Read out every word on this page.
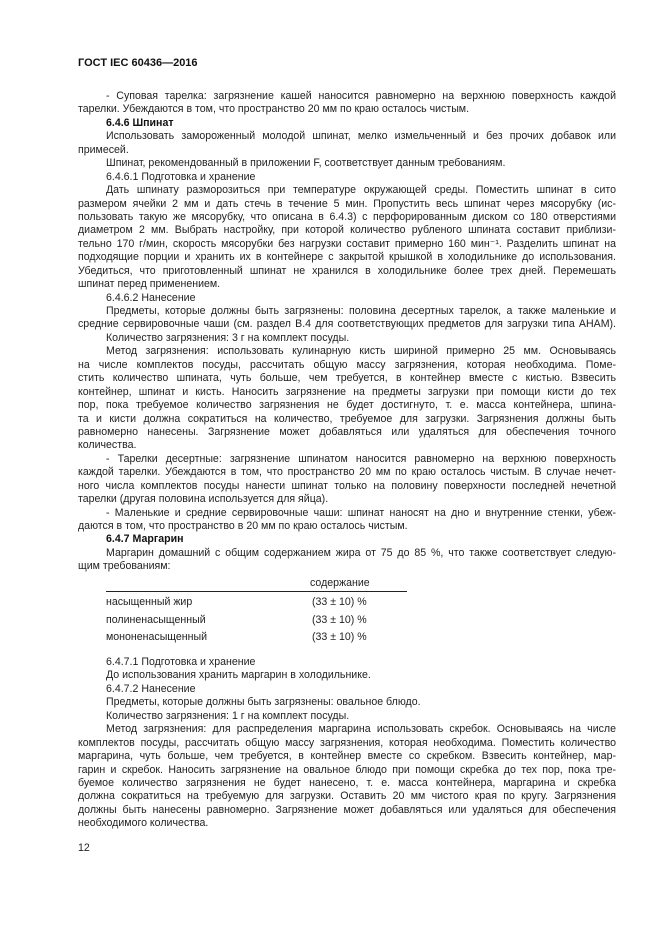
ГОСТ IEC 60436—2016
- Суповая тарелка: загрязнение кашей наносится равномерно на верхнюю поверхность каждой
тарелки. Убеждаются в том, что пространство 20 мм по краю осталось чистым.
6.4.6 Шпинат
Использовать замороженный молодой шпинат, мелко измельченный и без прочих добавок или
примесей.
Шпинат, рекомендованный в приложении F, соответствует данным требованиям.
6.4.6.1 Подготовка и хранение
Дать шпинату разморозиться при температуре окружающей среды. Поместить шпинат в сито
размером ячейки 2 мм и дать стечь в течение 5 мин. Пропустить весь шпинат через мясорубку (ис-
пользовать такую же мясорубку, что описана в 6.4.3) с перфорированным диском со 180 отверстиями
диаметром 2 мм. Выбрать настройку, при которой количество рубленого шпината составит приблизи-
тельно 170 г/мин, скорость мясорубки без нагрузки составит примерно 160 мин⁻¹. Разделить шпинат на
подходящие порции и хранить их в контейнере с закрытой крышкой в холодильнике до использования.
Убедиться, что приготовленный шпинат не хранился в холодильнике более трех дней. Перемешать
шпинат перед применением.
6.4.6.2 Нанесение
Предметы, которые должны быть загрязнены: половина десертных тарелок, а также маленькие и
средние сервировочные чаши (см. раздел В.4 для соответствующих предметов для загрузки типа АНАМ).
Количество загрязнения: 3 г на комплект посуды.
Метод загрязнения: использовать кулинарную кисть шириной примерно 25 мм. Основываясь
на числе комплектов посуды, рассчитать общую массу загрязнения, которая необходима. Поме-
стить количество шпината, чуть больше, чем требуется, в контейнер вместе с кистью. Взвесить
контейнер, шпинат и кисть. Наносить загрязнение на предметы загрузки при помощи кисти до тех
пор, пока требуемое количество загрязнения не будет достигнуто, т. е. масса контейнера, шпина-
та и кисти должна сократиться на количество, требуемое для загрузки. Загрязнения должны быть
равномерно нанесены. Загрязнение может добавляться или удаляться для обеспечения точного
количества.
- Тарелки десертные: загрязнение шпинатом наносится равномерно на верхнюю поверхность
каждой тарелки. Убеждаются в том, что пространство 20 мм по краю осталось чистым. В случае нечет-
ного числа комплектов посуды нанести шпинат только на половину поверхности последней нечетной
тарелки (другая половина используется для яйца).
- Маленькие и средние сервировочные чаши: шпинат наносят на дно и внутренние стенки, убеж-
даются в том, что пространство в 20 мм по краю осталось чистым.
6.4.7 Маргарин
Маргарин домашний с общим содержанием жира от 75 до 85 %, что также соответствует следую-
щим требованиям:
содержание
насыщенный жир	(33 ± 10) %
полиненасыщенный	(33 ± 10) %
мононенасыщенный	(33 ± 10) %
6.4.7.1 Подготовка и хранение
До использования хранить маргарин в холодильнике.
6.4.7.2 Нанесение
Предметы, которые должны быть загрязнены: овальное блюдо.
Количество загрязнения: 1 г на комплект посуды.
Метод загрязнения: для распределения маргарина использовать скребок. Основываясь на числе
комплектов посуды, рассчитать общую массу загрязнения, которая необходима. Поместить количество
маргарина, чуть больше, чем требуется, в контейнер вместе со скребком. Взвесить контейнер, мар-
гарин и скребок. Наносить загрязнение на овальное блюдо при помощи скребка до тех пор, пока тре-
буемое количество загрязнения не будет нанесено, т. е. масса контейнера, маргарина и скребка
должна сократиться на требуемую для загрузки. Оставить 20 мм чистого края по кругу. Загрязнения
должны быть нанесены равномерно. Загрязнение может добавляться или удаляться для обеспечения
необходимого количества.
12
